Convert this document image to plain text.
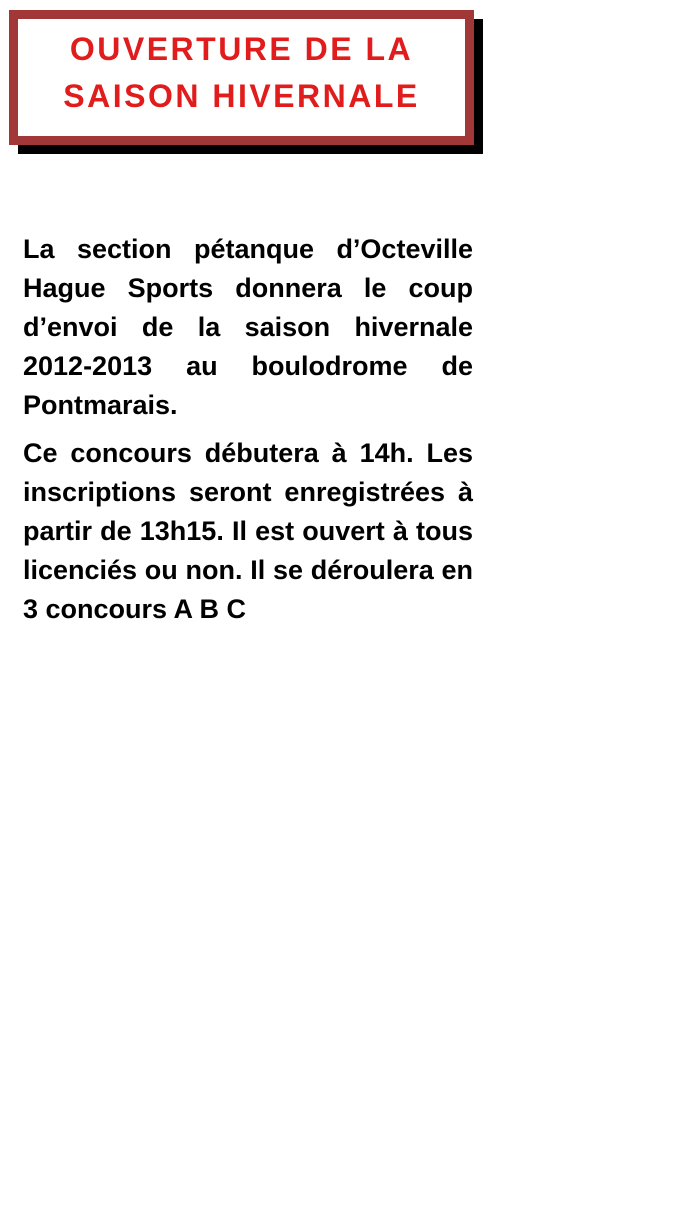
OUVERTURE DE LA
SAISON HIVERNALE

La section pétanque d’Octeville Hague Sports donnera le coup d’envoi de la saison hivernale 2012-2013 au boulodrome de Pontmarais.

Ce concours débutera à 14h. Les inscriptions seront enregistrées à partir de 13h15. Il est ouvert à tous licenciés ou non. Il se déroulera en 3 concours A B C
